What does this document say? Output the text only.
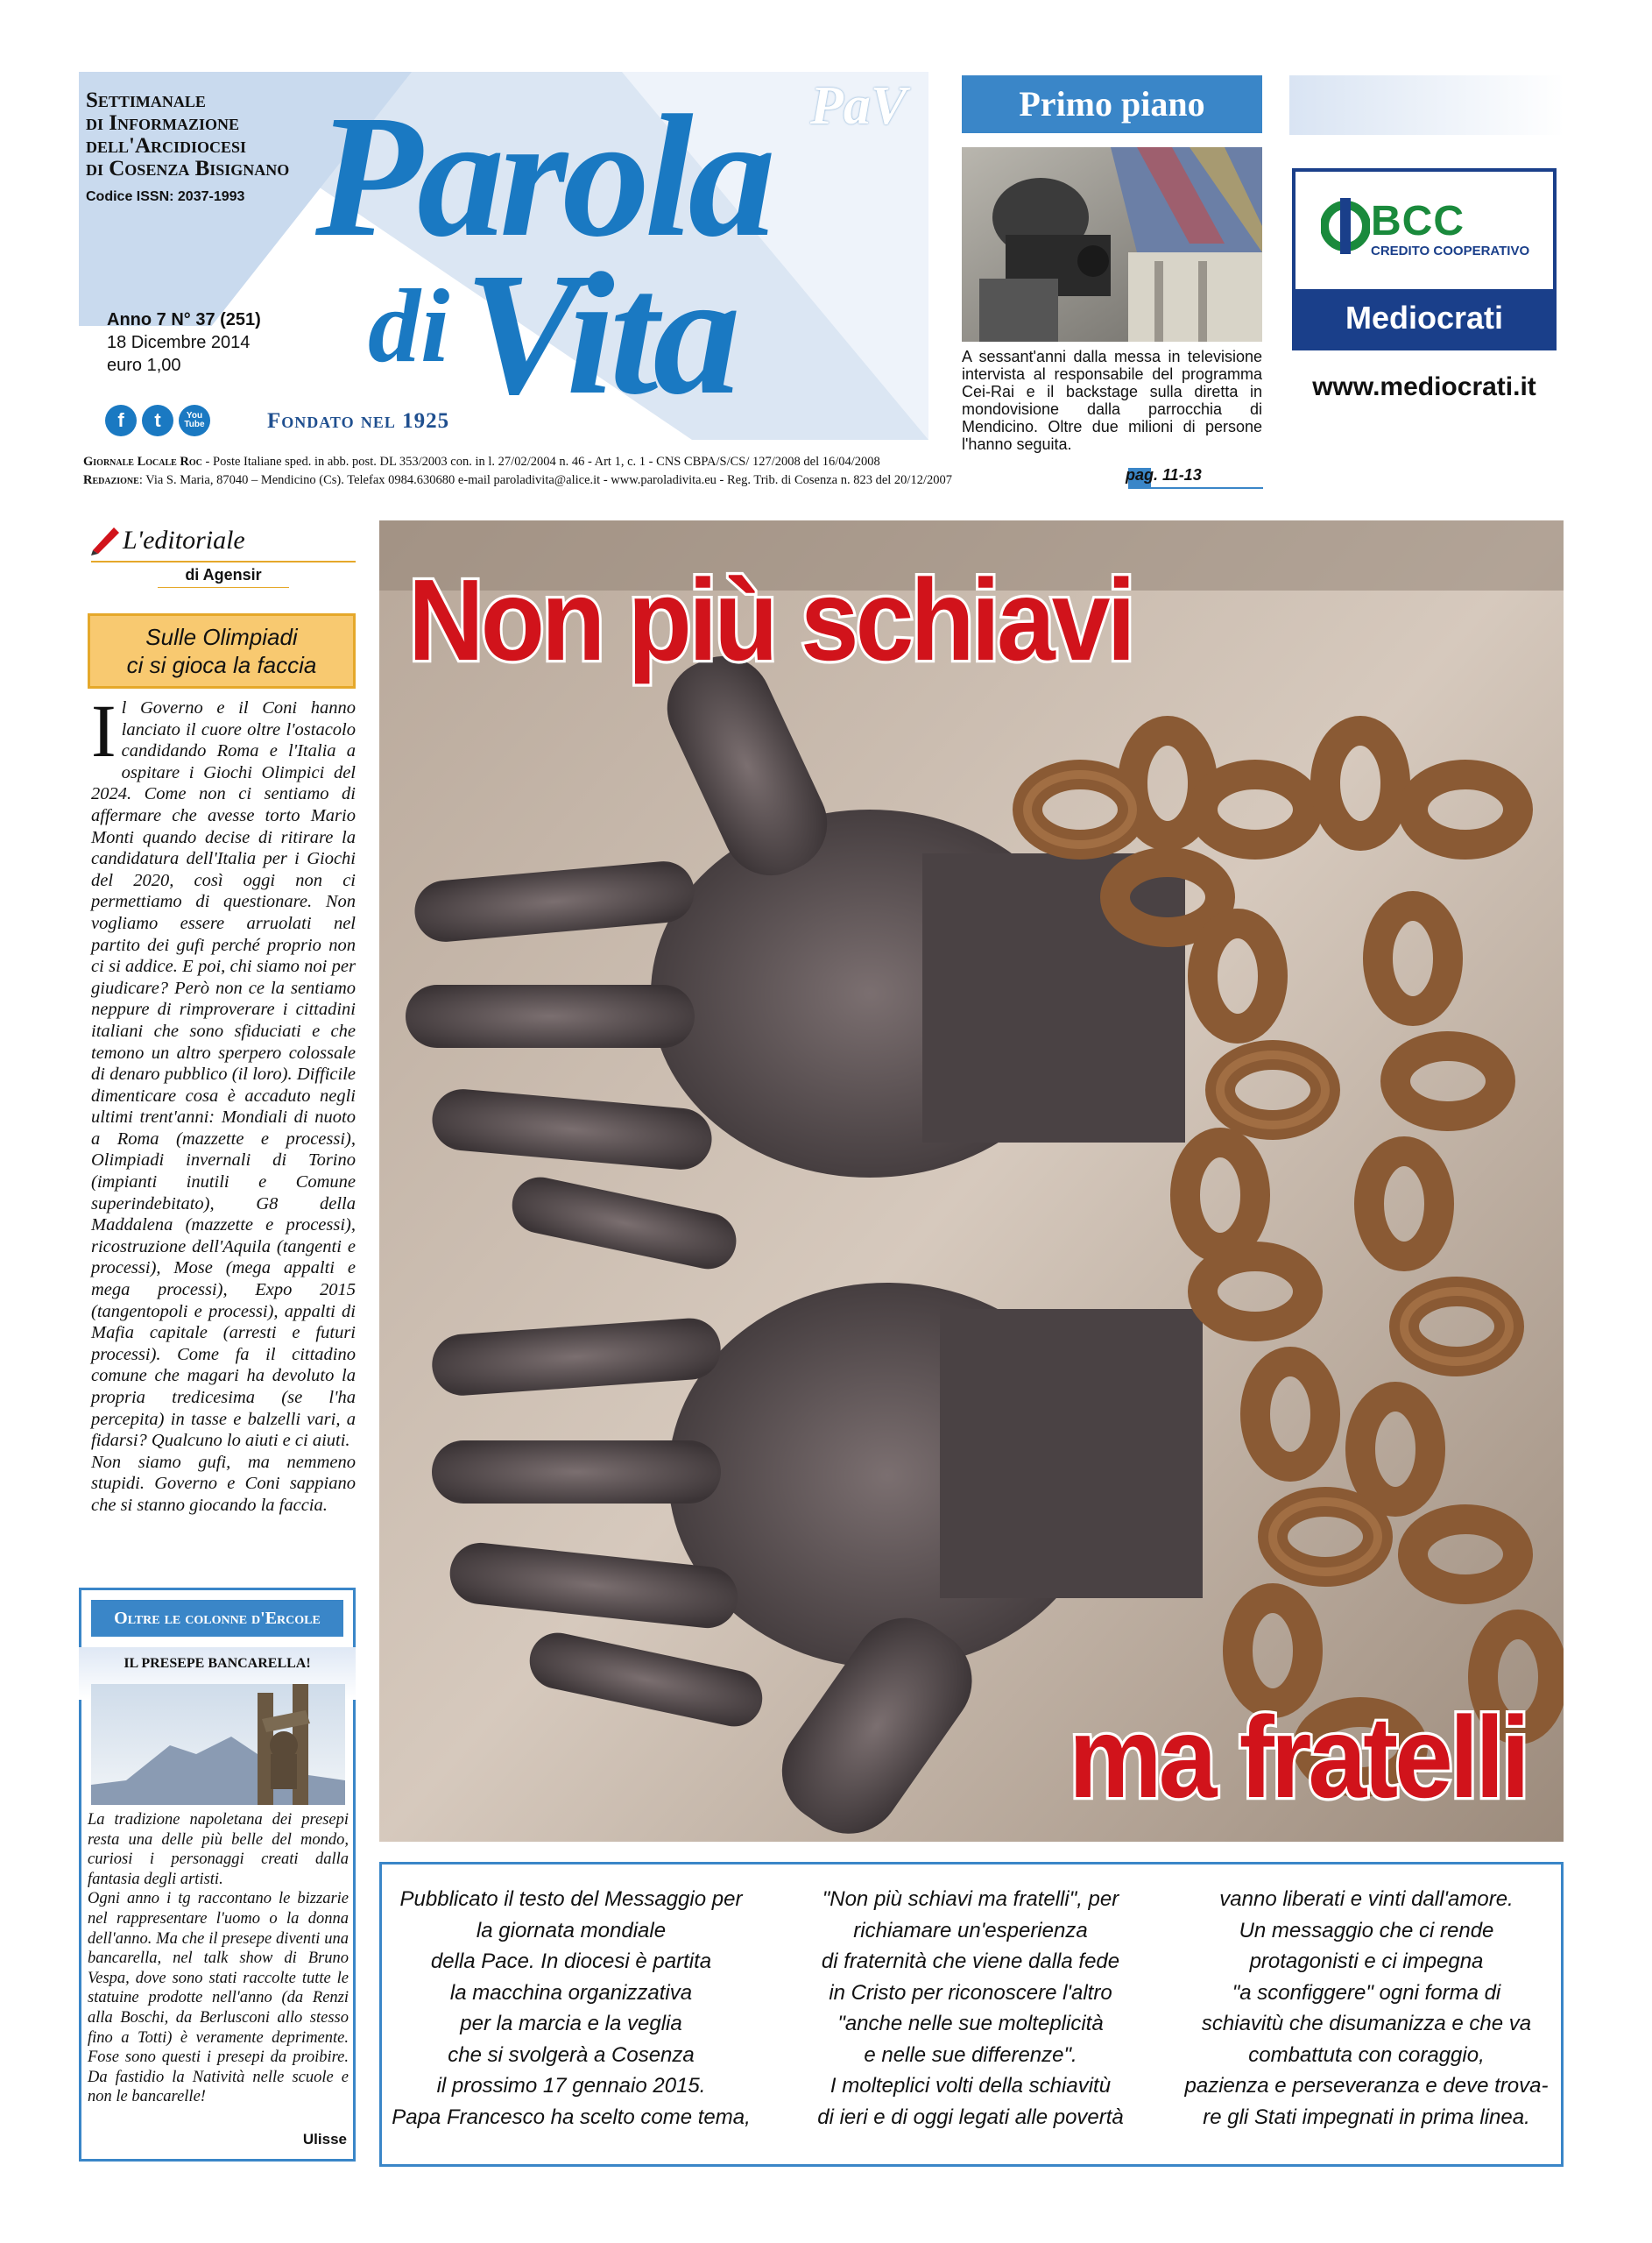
Settimanale
di Informazione
dell'Arcidiocesi
di Cosenza Bisignano
Codice ISSN: 2037-1993
PaV
Parola
di Vita
Anno 7 N° 37 (251)
18 Dicembre 2014
euro 1,00
f	t	You Tube	Fondato nel 1925
Giornale Locale Roc - Poste Italiane sped. in abb. post. DL 353/2003 con. in l. 27/02/2004 n. 46 - Art 1, c. 1 - CNS CBPA/S/CS/ 127/2008 del 16/04/2008
Redazione: Via S. Maria, 87040 – Mendicino (Cs). Telefax 0984.630680 e-mail paroladivita@alice.it - www.paroladivita.eu - Reg. Trib. di Cosenza n. 823 del 20/12/2007
Primo piano
A sessant'anni dalla messa in televisione intervista al responsabile del programma Cei-Rai e il backstage sulla diretta in mondovisione dalla parrocchia di Mendicino. Oltre due milioni di persone l'hanno seguita.
pag. 11-13
BCC
CREDITO COOPERATIVO
Mediocrati
www.mediocrati.it
L'editoriale
di Agensir
Sulle Olimpiadi
ci si gioca la faccia
Il Governo e il Coni hanno lanciato il cuore oltre l'ostacolo candidando Roma e l'Italia a ospitare i Giochi Olimpici del 2024. Come non ci sentiamo di affermare che avesse torto Mario Monti quando decise di ritirare la candidatura dell'Italia per i Giochi del 2020, così oggi non ci permettiamo di questionare. Non vogliamo essere arruolati nel partito dei gufi perché proprio non ci si addice. E poi, chi siamo noi per giudicare? Però non ce la sentiamo neppure di rimproverare i cittadini italiani che sono sfiduciati e che temono un altro sperpero colossale di denaro pubblico (il loro). Difficile dimenticare cosa è accaduto negli ultimi trent'anni: Mondiali di nuoto a Roma (mazzette e processi), Olimpiadi invernali di Torino (impianti inutili e Comune superindebitato), G8 della Maddalena (mazzette e processi), ricostruzione dell'Aquila (tangenti e processi), Mose (mega appalti e mega processi), Expo 2015 (tangentopoli e processi), appalti di Mafia capitale (arresti e futuri processi). Come fa il cittadino comune che magari ha devoluto la propria tredicesima (se l'ha percepita) in tasse e balzelli vari, a fidarsi? Qualcuno lo aiuti e ci aiuti.
Non siamo gufi, ma nemmeno stupidi. Governo e Coni sappiano che si stanno giocando la faccia.
Oltre le colonne d'Ercole
IL PRESEPE BANCARELLA!
La tradizione napoletana dei presepi resta una delle più belle del mondo, curiosi i personaggi creati dalla fantasia degli artisti.
Ogni anno i tg raccontano le bizzarie nel rappresentare l'uomo o la donna dell'anno. Ma che il presepe diventi una bancarella, nel talk show di Bruno Vespa, dove sono stati raccolte tutte le statuine prodotte nell'anno (da Renzi alla Boschi, da Berlusconi allo stesso fino a Totti) è veramente deprimente. Fose sono questi i presepi da proibire. Da fastidio la Natività nelle scuole e non le bancarelle!
Ulisse
Non più schiavi
ma fratelli
Pubblicato il testo del Messaggio per
la giornata mondiale
della Pace. In diocesi è partita
la macchina organizzativa
per la marcia e la veglia
che si svolgerà a Cosenza
il prossimo 17 gennaio 2015.
Papa Francesco ha scelto come tema,
"Non più schiavi ma fratelli", per
richiamare un'esperienza
di fraternità che viene dalla fede
in Cristo per riconoscere l'altro
"anche nelle sue molteplicità
e nelle sue differenze".
I molteplici volti della schiavitù
di ieri e di oggi legati alle povertà
vanno liberati e vinti dall'amore.
Un messaggio che ci rende
protagonisti e ci impegna
"a sconfiggere" ogni forma di
schiavitù che disumanizza e che va
combattuta con coraggio,
pazienza e perseveranza e deve trova-
re gli Stati impegnati in prima linea.
